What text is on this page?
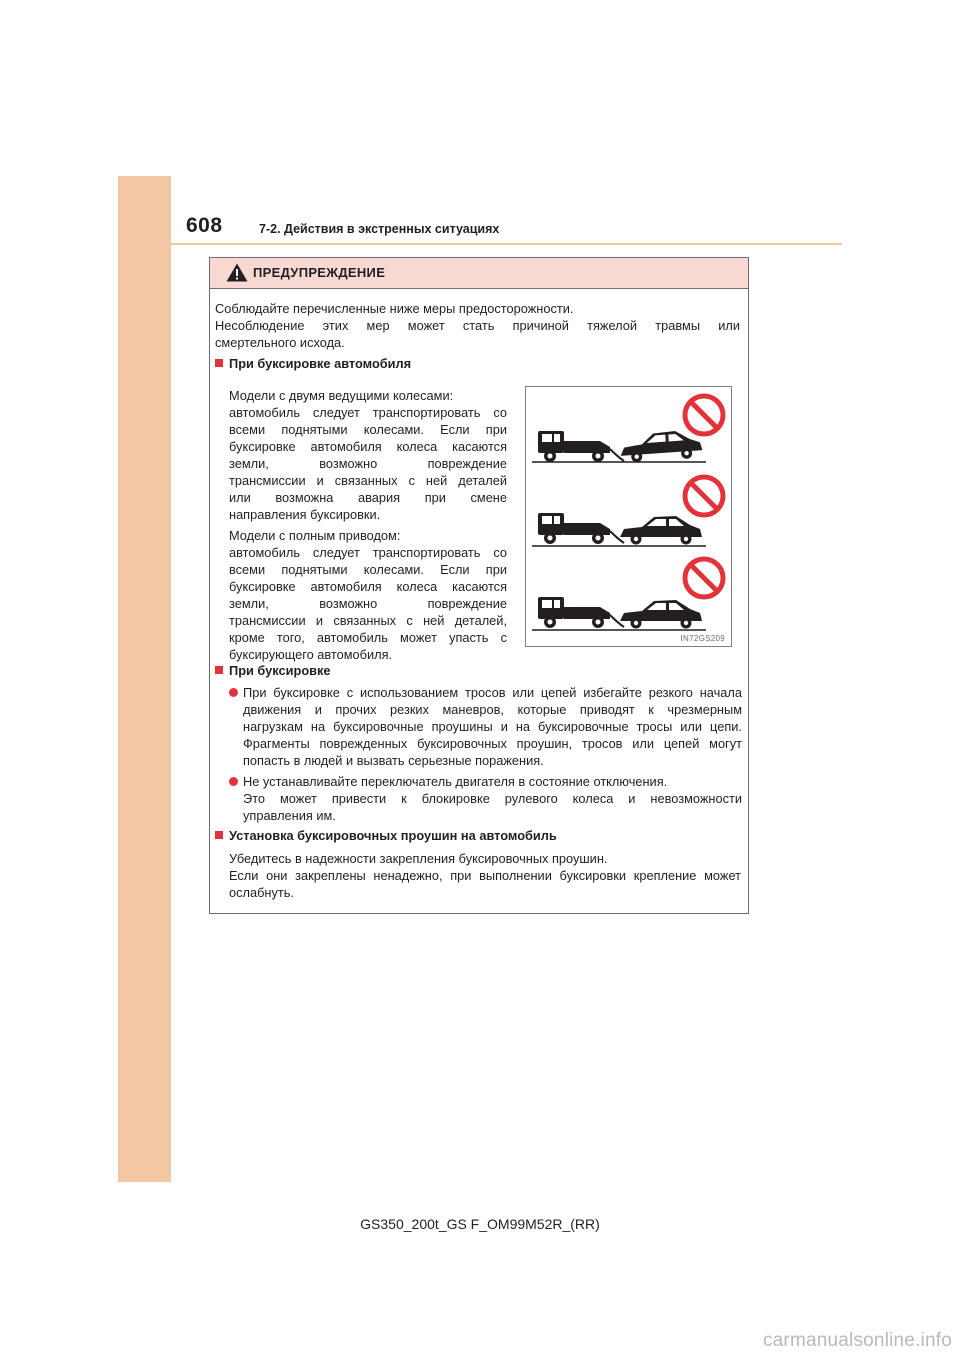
608	7-2. Действия в экстренных ситуациях
ПРЕДУПРЕЖДЕНИЕ
Соблюдайте перечисленные ниже меры предосторожности.
Несоблюдение этих мер может стать причиной тяжелой травмы или
смертельного исхода.
При буксировке автомобиля
Модели с двумя ведущими колесами:
автомобиль следует транспортировать со
всеми поднятыми колесами. Если при
буксировке автомобиля колеса касаются
земли, возможно повреждение
трансмиссии и связанных с ней деталей
или возможна авария при смене
направления буксировки.
Модели с полным приводом:
автомобиль следует транспортировать со
всеми поднятыми колесами. Если при
буксировке автомобиля колеса касаются
земли, возможно повреждение
трансмиссии и связанных с ней деталей,
кроме того, автомобиль может упасть с
буксирующего автомобиля.
IN72GS209
При буксировке
При буксировке с использованием тросов или цепей избегайте резкого начала
движения и прочих резких маневров, которые приводят к чрезмерным
нагрузкам на буксировочные проушины и на буксировочные тросы или цепи.
Фрагменты поврежденных буксировочных проушин, тросов или цепей могут
попасть в людей и вызвать серьезные поражения.
Не устанавливайте переключатель двигателя в состояние отключения.
Это может привести к блокировке рулевого колеса и невозможности
управления им.
Установка буксировочных проушин на автомобиль
Убедитесь в надежности закрепления буксировочных проушин.
Если они закреплены ненадежно, при выполнении буксировки крепление может
ослабнуть.
GS350_200t_GS F_OM99M52R_(RR)
carmanualsonline.info
